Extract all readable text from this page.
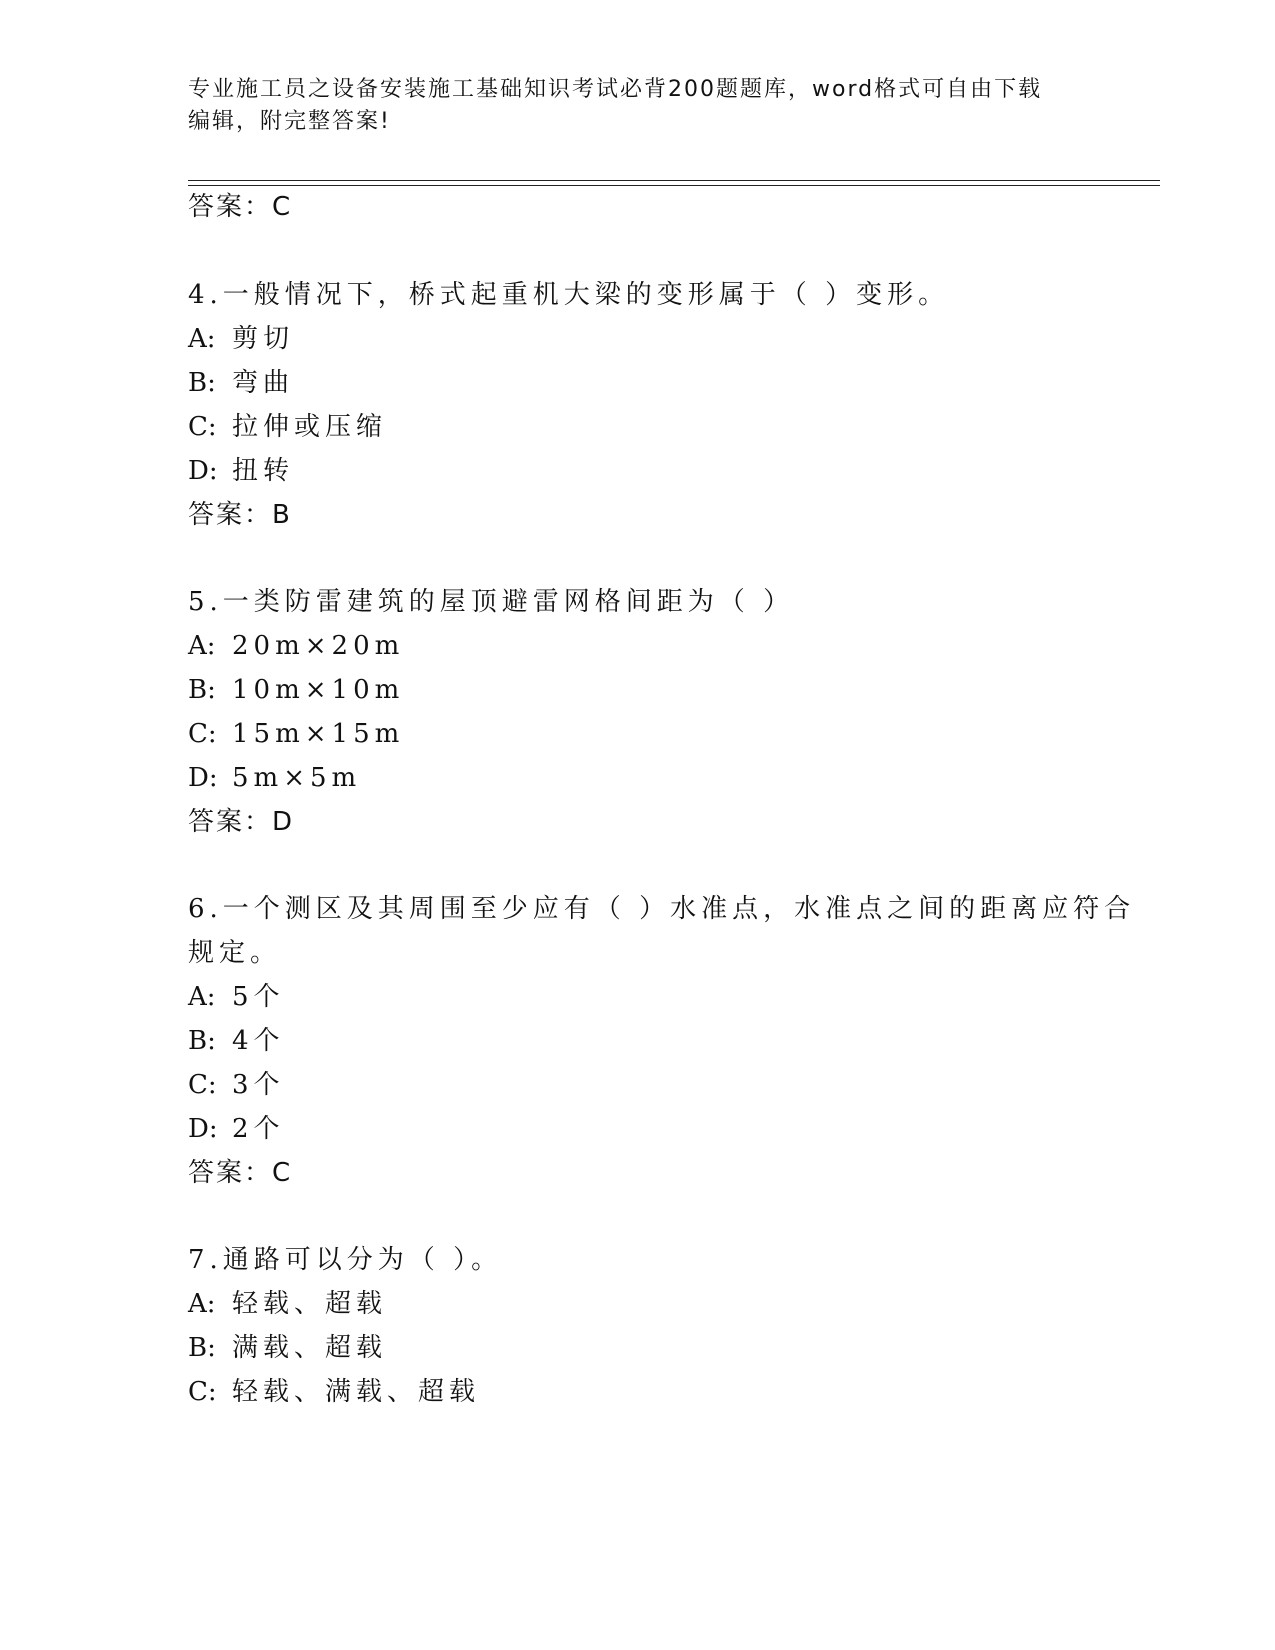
专业施工员之设备安装施工基础知识考试必背200题题库，word格式可自由下载
编辑，附完整答案!
答案：C
4.一般情况下，桥式起重机大梁的变形属于（ ）变形。
A: 剪切
B: 弯曲
C: 拉伸或压缩
D: 扭转
答案：B
5.一类防雷建筑的屋顶避雷网格间距为（ ）
A: 20m×20m
B: 10m×10m
C: 15m×15m
D: 5m×5m
答案：D
6.一个测区及其周围至少应有（ ）水准点，水准点之间的距离应符合
规定。
A: 5个
B: 4个
C: 3个
D: 2个
答案：C
7.通路可以分为（ ）。
A: 轻载、超载
B: 满载、超载
C: 轻载、满载、超载
